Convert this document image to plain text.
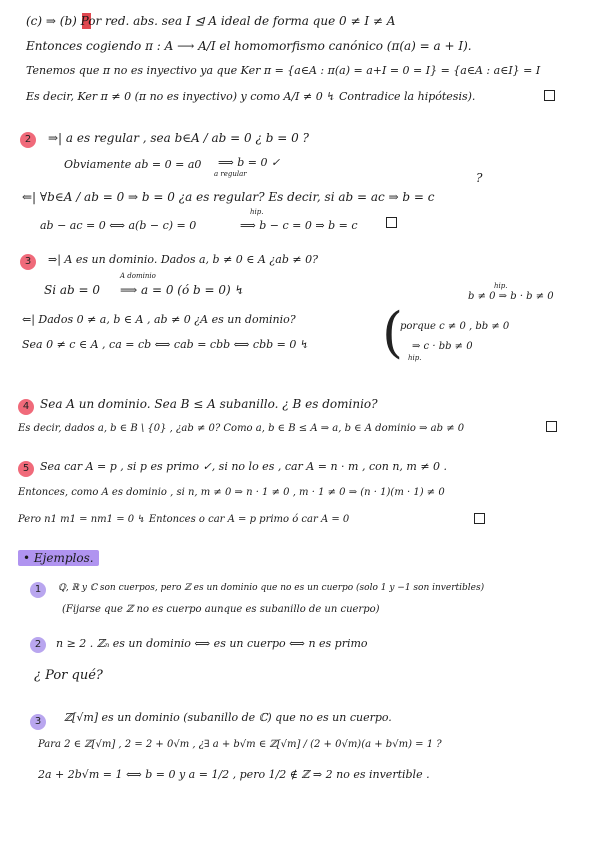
(c) ⇒ (b) Por red. abs. sea I ⊴ A ideal de forma que 0 ≠ I ≠ A
Entonces cogiendo π : A ⟶ A/I el homomorfismo canónico (π(a) = a + I).
Tenemos que π no es inyectivo ya que Ker π = {a∈A : π(a) = a+I = 0 = I} = {a∈A : a∈I} = I
Es decir, Ker π ≠ 0 (π no es inyectivo) y como A/I ≠ 0 ↯ Contradice la hipótesis).
2	⇒| a es regular , sea b∈A / ab = 0 ¿ b = 0 ?
Obviamente ab = 0 = a0
a regular
⟹ b = 0 ✓
⇐| ∀b∈A / ab = 0 ⇒ b = 0 ¿a es regular? Es decir, si ab = ac ⇒ b = c
?
ab − ac = 0 ⟺ a(b − c) = 0
hip.
⟹ b − c = 0 ⇒ b = c
3	⇒| A es un dominio. Dados a, b ≠ 0 ∈ A ¿ab ≠ 0?
A dominio
Si ab = 0 ⟹ a = 0 (ó b = 0) ↯	hip.
b ≠ 0 ⇒ b · b ≠ 0
⇐| Dados 0 ≠ a, b ∈ A , ab ≠ 0 ¿A es un dominio?
Sea 0 ≠ c ∈ A , ca = cb ⟺ cab = cbb ⟺ cbb = 0 ↯ (
porque c ≠ 0 , bb ≠ 0
⇒ c · bb ≠ 0
hip.
4 Sea A un dominio. Sea B ≤ A subanillo. ¿ B es dominio?
Es decir, dados a, b ∈ B \ {0} , ¿ab ≠ 0? Como a, b ∈ B ≤ A ⇒ a, b ∈ A dominio ⇒ ab ≠ 0
5 Sea car A = p , si p es primo ✓, si no lo es , car A = n · m , con n, m ≠ 0 .
Entonces, como A es dominio , si n, m ≠ 0 ⇒ n · 1 ≠ 0 , m · 1 ≠ 0 ⇒ (n · 1)(m · 1) ≠ 0
Pero n1 m1 = nm1 = 0 ↯ Entonces o car A = p primo ó car A = 0
• Ejemplos.
1	ℚ, ℝ y ℂ son cuerpos, pero ℤ es un dominio que no es un cuerpo (solo 1 y −1 son invertibles)
(Fijarse que ℤ no es cuerpo aunque es subanillo de un cuerpo)
2	n ≥ 2 . ℤₙ es un dominio ⟺ es un cuerpo ⟺ n es primo
¿ Por qué?
3	ℤ[√m] es un dominio (subanillo de ℂ) que no es un cuerpo.
Para 2 ∈ ℤ[√m] , 2 = 2 + 0√m , ¿∃ a + b√m ∈ ℤ[√m] / (2 + 0√m)(a + b√m) = 1 ?
2a + 2b√m = 1 ⟺ b = 0 y a = 1/2 , pero 1/2 ∉ ℤ ⇒ 2 no es invertible .
